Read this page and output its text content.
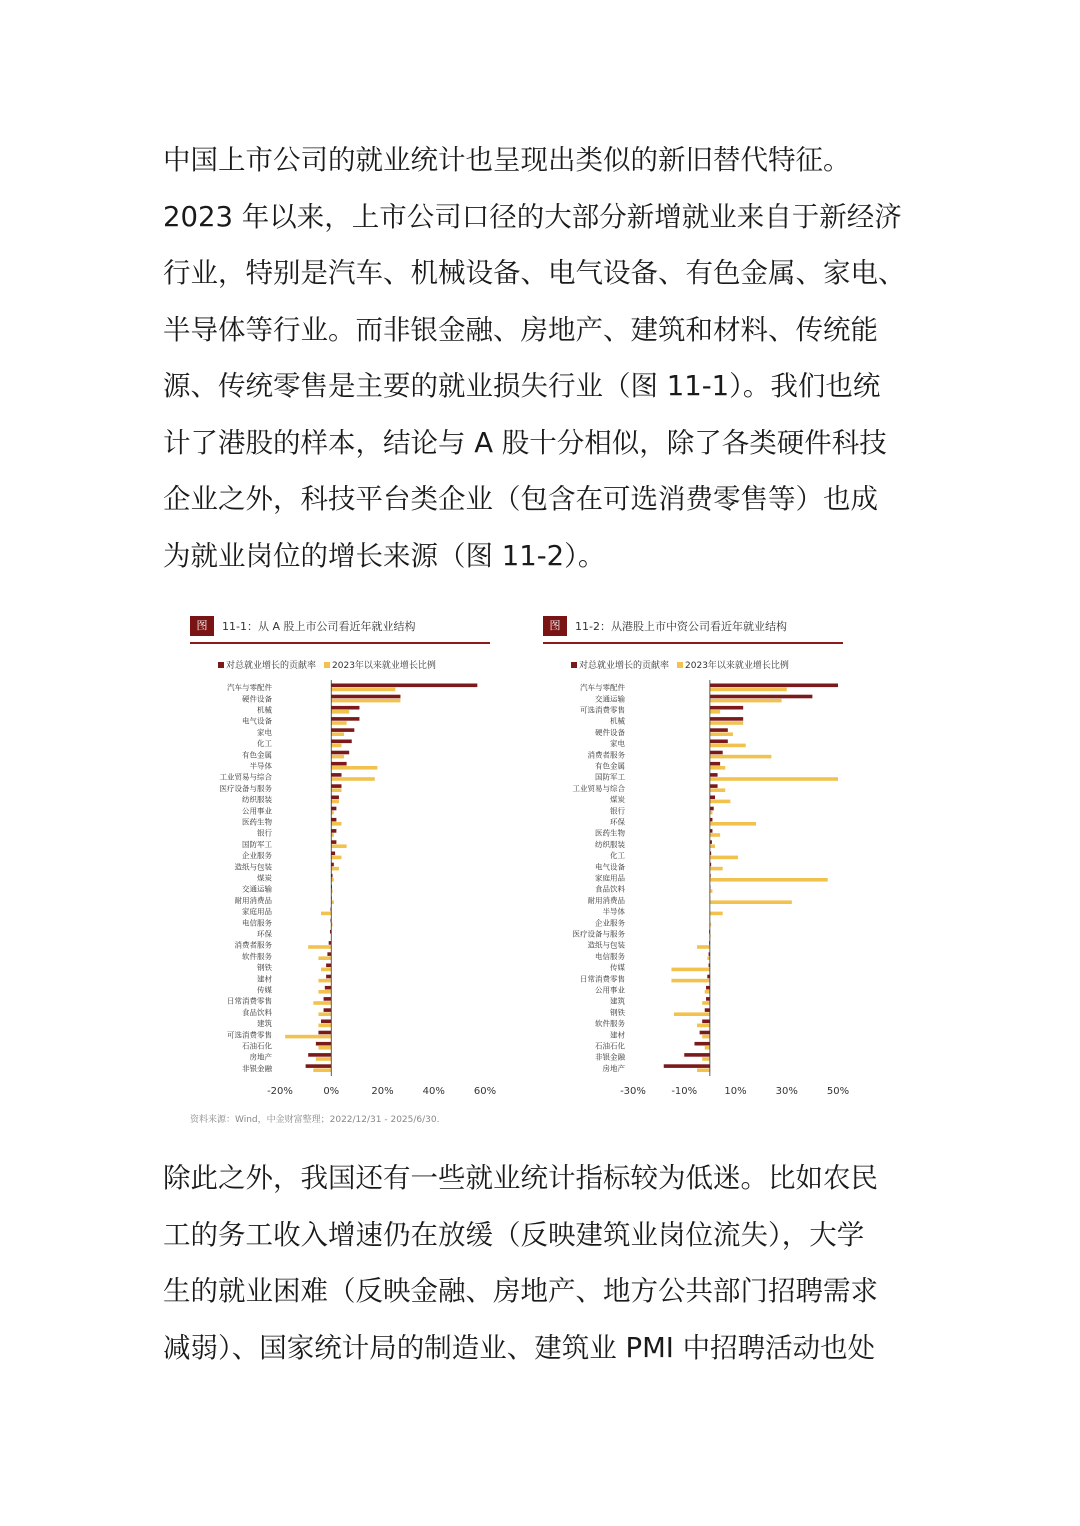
中国上市公司的就业统计也呈现出类似的新旧替代特征。
2023 年以来，上市公司口径的大部分新增就业来自于新经济
行业，特别是汽车、机械设备、电气设备、有色金属、家电、
半导体等行业。而非银金融、房地产、建筑和材料、传统能
源、传统零售是主要的就业损失行业（图 11-1）。我们也统
计了港股的样本，结论与 A 股十分相似，除了各类硬件科技
企业之外，科技平台类企业（包含在可选消费零售等）也成
为就业岗位的增长来源（图 11-2）。
图	11-1：从 A 股上市公司看近年就业结构
对总就业增长的贡献率 2023年以来就业增长比例
汽车与零配件
硬件设备
机械
电气设备
家电
化工
有色金属
半导体
工业贸易与综合
医疗设备与服务
纺织服装
公用事业
医药生物
银行
国防军工
企业服务
造纸与包装
煤炭
交通运输
耐用消费品
家庭用品
电信服务
环保
消费者服务
软件服务
钢铁
建材
传媒
日常消费零售
食品饮料
建筑
可选消费零售
石油石化
房地产
非银金融
-20%	0%	20%	40%	60%
图	11-2：从港股上市中资公司看近年就业结构
对总就业增长的贡献率 2023年以来就业增长比例
汽车与零配件
交通运输
可选消费零售
机械
硬件设备
家电
消费者服务
有色金属
国防军工
工业贸易与综合
煤炭
银行
环保
医药生物
纺织服装
化工
电气设备
家庭用品
食品饮料
耐用消费品
半导体
企业服务
医疗设备与服务
造纸与包装
电信服务
传媒
日常消费零售
公用事业
建筑
钢铁
软件服务
建材
石油石化
非银金融
房地产
-30%	-10%	10%	30%	50%
资料来源：Wind，中金财富整理；2022/12/31 - 2025/6/30.
除此之外，我国还有一些就业统计指标较为低迷。比如农民
工的务工收入增速仍在放缓（反映建筑业岗位流失），大学
生的就业困难（反映金融、房地产、地方公共部门招聘需求
减弱）、国家统计局的制造业、建筑业 PMI 中招聘活动也处
